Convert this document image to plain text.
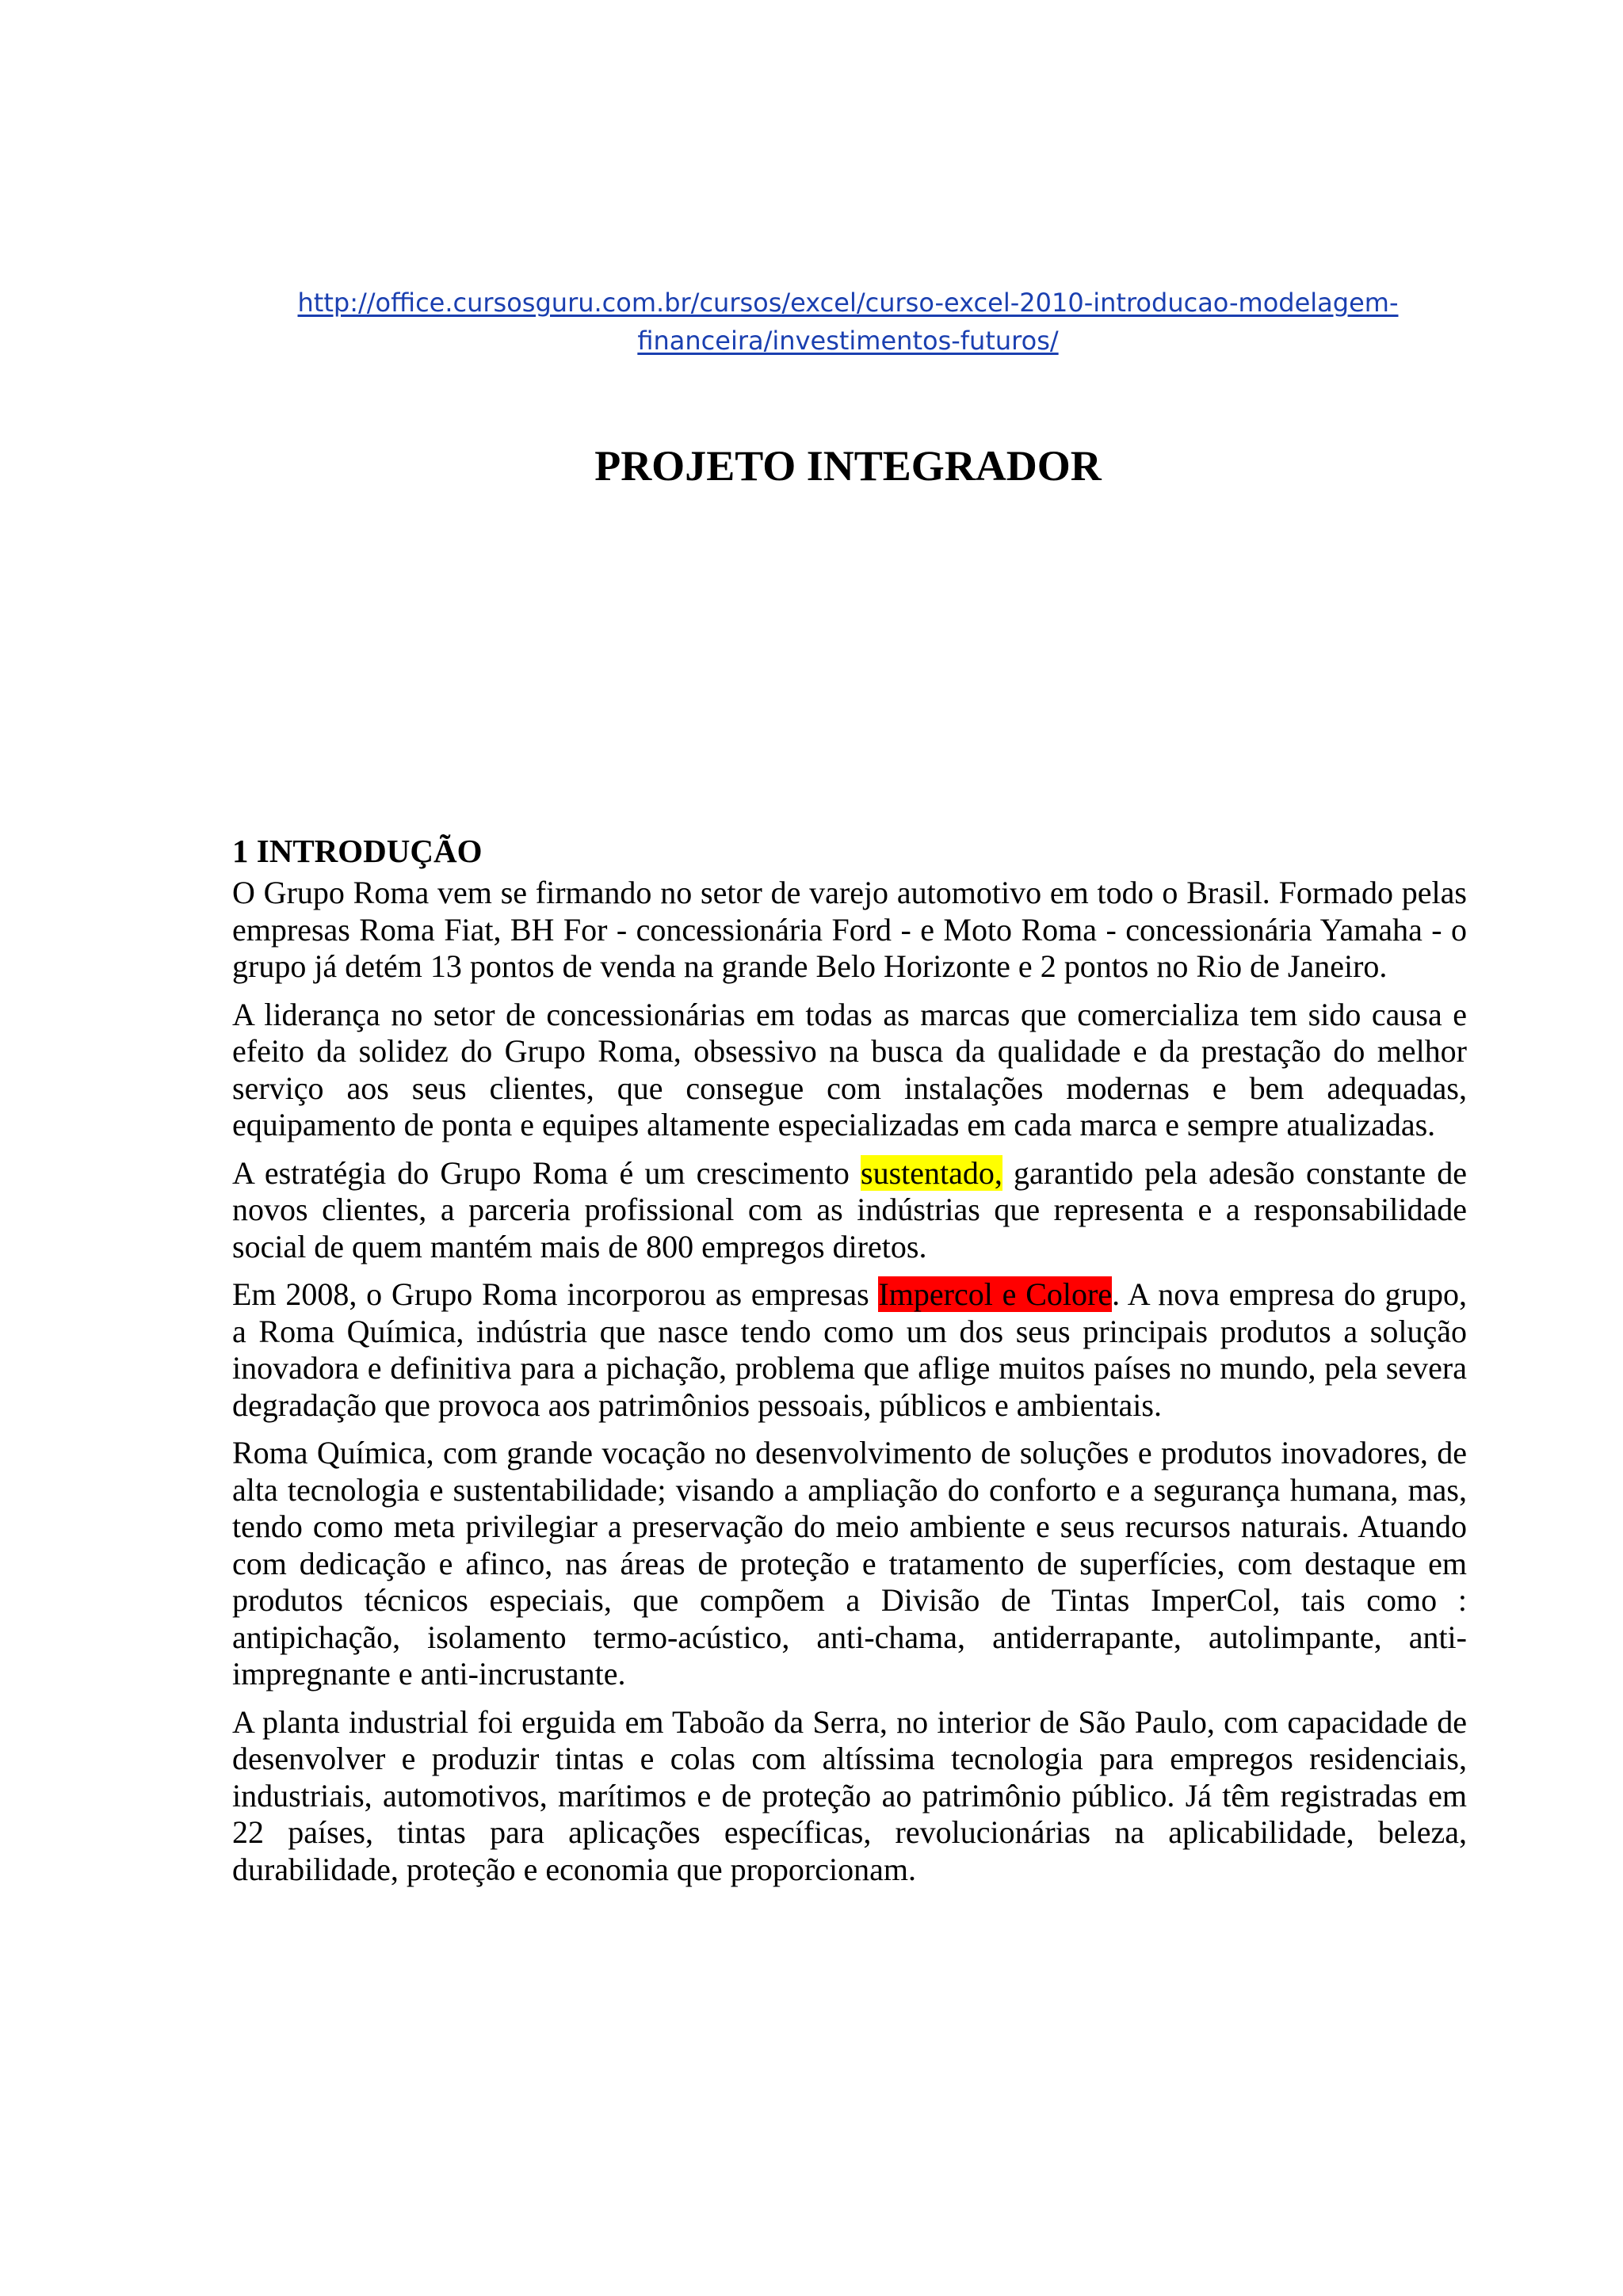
http://office.cursosguru.com.br/cursos/excel/curso-excel-2010-introducao-modelagem-
financeira/investimentos-futuros/
PROJETO INTEGRADOR
1 INTRODUÇÃO

O Grupo Roma vem se firmando no setor de varejo automotivo em todo o Brasil. Formado pelas empresas Roma Fiat, BH For - concessionária Ford - e Moto Roma - concessionária Yamaha - o grupo já detém 13 pontos de venda na grande Belo Horizonte e 2 pontos no Rio de Janeiro.

A liderança no setor de concessionárias em todas as marcas que comercializa tem sido causa e efeito da solidez do Grupo Roma, obsessivo na busca da qualidade e da prestação do melhor serviço aos seus clientes, que consegue com instalações modernas e bem adequadas, equipamento de ponta e equipes altamente especializadas em cada marca e sempre atualizadas.

A estratégia do Grupo Roma é um crescimento sustentado, garantido pela adesão constante de novos clientes, a parceria profissional com as indústrias que representa e a responsabilidade social de quem mantém mais de 800 empregos diretos.

Em 2008, o Grupo Roma incorporou as empresas Impercol e Colore. A nova empresa do grupo, a Roma Química, indústria que nasce tendo como um dos seus principais produtos a solução inovadora e definitiva para a pichação, problema que aflige muitos países no mundo, pela severa degradação que provoca aos patrimônios pessoais, públicos e ambientais.

Roma Química, com grande vocação no desenvolvimento de soluções e produtos inovadores, de alta tecnologia e sustentabilidade; visando a ampliação do conforto e a segurança humana, mas, tendo como meta privilegiar a preservação do meio ambiente e seus recursos naturais. Atuando com dedicação e afinco, nas áreas de proteção e tratamento de superfícies, com destaque em produtos técnicos especiais, que compõem a Divisão de Tintas ImperCol, tais como : antipichação, isolamento termo-acústico, anti-chama, antiderrapante, autolimpante, anti-impregnante e anti-incrustante.

A planta industrial foi erguida em Taboão da Serra, no interior de São Paulo, com capacidade de desenvolver e produzir tintas e colas com altíssima tecnologia para empregos residenciais, industriais, automotivos, marítimos e de proteção ao patrimônio público. Já têm registradas em 22 países, tintas para aplicações específicas, revolucionárias na aplicabilidade, beleza, durabilidade, proteção e economia que proporcionam.
